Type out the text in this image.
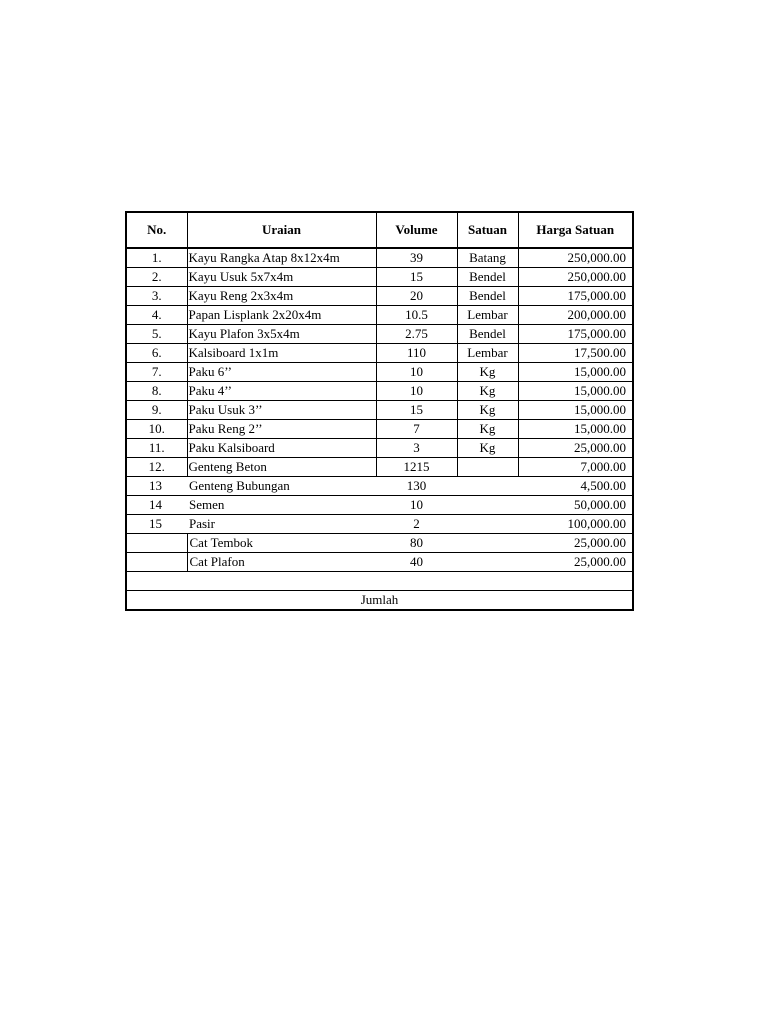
No.	Uraian	Volume	Satuan	Harga Satuan
1.	Kayu Rangka Atap 8x12x4m	39	Batang	250,000.00
2.	Kayu Usuk 5x7x4m	15	Bendel	250,000.00
3.	Kayu Reng 2x3x4m	20	Bendel	175,000.00
4.	Papan Lisplank 2x20x4m	10.5	Lembar	200,000.00
5.	Kayu Plafon 3x5x4m	2.75	Bendel	175,000.00
6.	Kalsiboard 1x1m	110	Lembar	17,500.00
7.	Paku 6’’	10	Kg	15,000.00
8.	Paku 4’’	10	Kg	15,000.00
9.	Paku Usuk 3’’	15	Kg	15,000.00
10.	Paku Reng 2’’	7	Kg	15,000.00
11.	Paku Kalsiboard	3	Kg	25,000.00
12.	Genteng Beton	1215		7,000.00
13	Genteng Bubungan	130		4,500.00
14	Semen	10		50,000.00
15	Pasir	2		100,000.00
	Cat Tembok	80		25,000.00
	Cat Plafon	40		25,000.00

Jumlah				
